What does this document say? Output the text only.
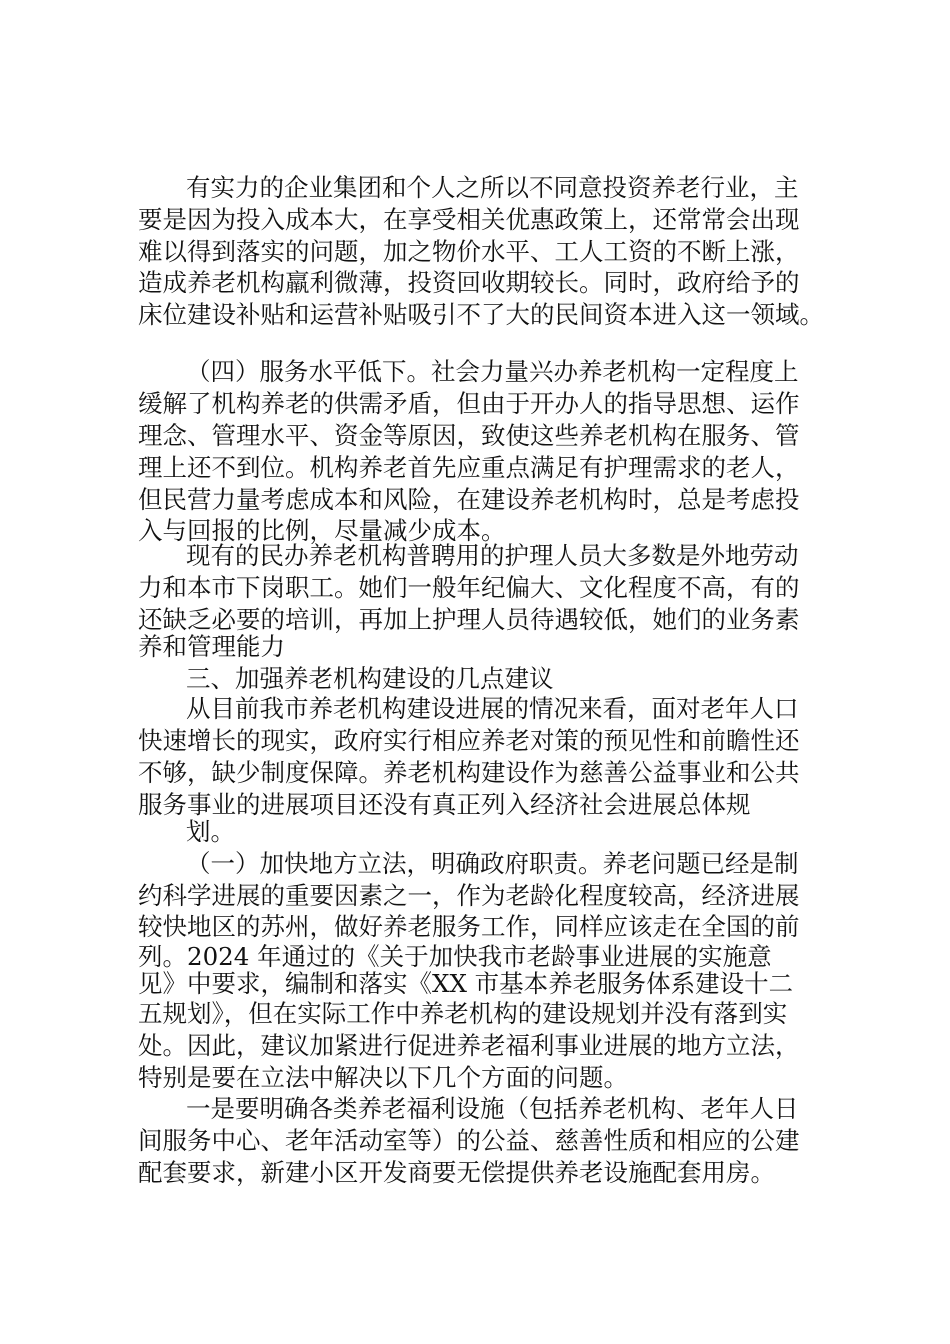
有实力的企业集团和个人之所以不同意投资养老行业，主

要是因为投入成本大，在享受相关优惠政策上，还常常会出现

难以得到落实的问题，加之物价水平、工人工资的不断上涨，

造成养老机构羸利微薄，投资回收期较长。同时，政府给予的

床位建设补贴和运营补贴吸引不了大的民间资本进入这一领域。

（四）服务水平低下。社会力量兴办养老机构一定程度上

缓解了机构养老的供需矛盾，但由于开办人的指导思想、运作

理念、管理水平、资金等原因，致使这些养老机构在服务、管

理上还不到位。机构养老首先应重点满足有护理需求的老人，

但民营力量考虑成本和风险，在建设养老机构时，总是考虑投

入与回报的比例，尽量减少成本。

现有的民办养老机构普聘用的护理人员大多数是外地劳动

力和本市下岗职工。她们一般年纪偏大、文化程度不高，有的

还缺乏必要的培训，再加上护理人员待遇较低，她们的业务素

养和管理能力

三、加强养老机构建设的几点建议

从目前我市养老机构建设进展的情况来看，面对老年人口

快速增长的现实，政府实行相应养老对策的预见性和前瞻性还

不够，缺少制度保障。养老机构建设作为慈善公益事业和公共

服务事业的进展项目还没有真正列入经济社会进展总体规

划。

（一）加快地方立法，明确政府职责。养老问题已经是制

约科学进展的重要因素之一，作为老龄化程度较高，经济进展

较快地区的苏州，做好养老服务工作，同样应该走在全国的前

列。2024 年通过的《关于加快我市老龄事业进展的实施意

见》中要求，编制和落实《XX 市基本养老服务体系建设十二

五规划》，但在实际工作中养老机构的建设规划并没有落到实

处。因此，建议加紧进行促进养老福利事业进展的地方立法，

特别是要在立法中解决以下几个方面的问题。

一是要明确各类养老福利设施（包括养老机构、老年人日

间服务中心、老年活动室等）的公益、慈善性质和相应的公建

配套要求，新建小区开发商要无偿提供养老设施配套用房。
